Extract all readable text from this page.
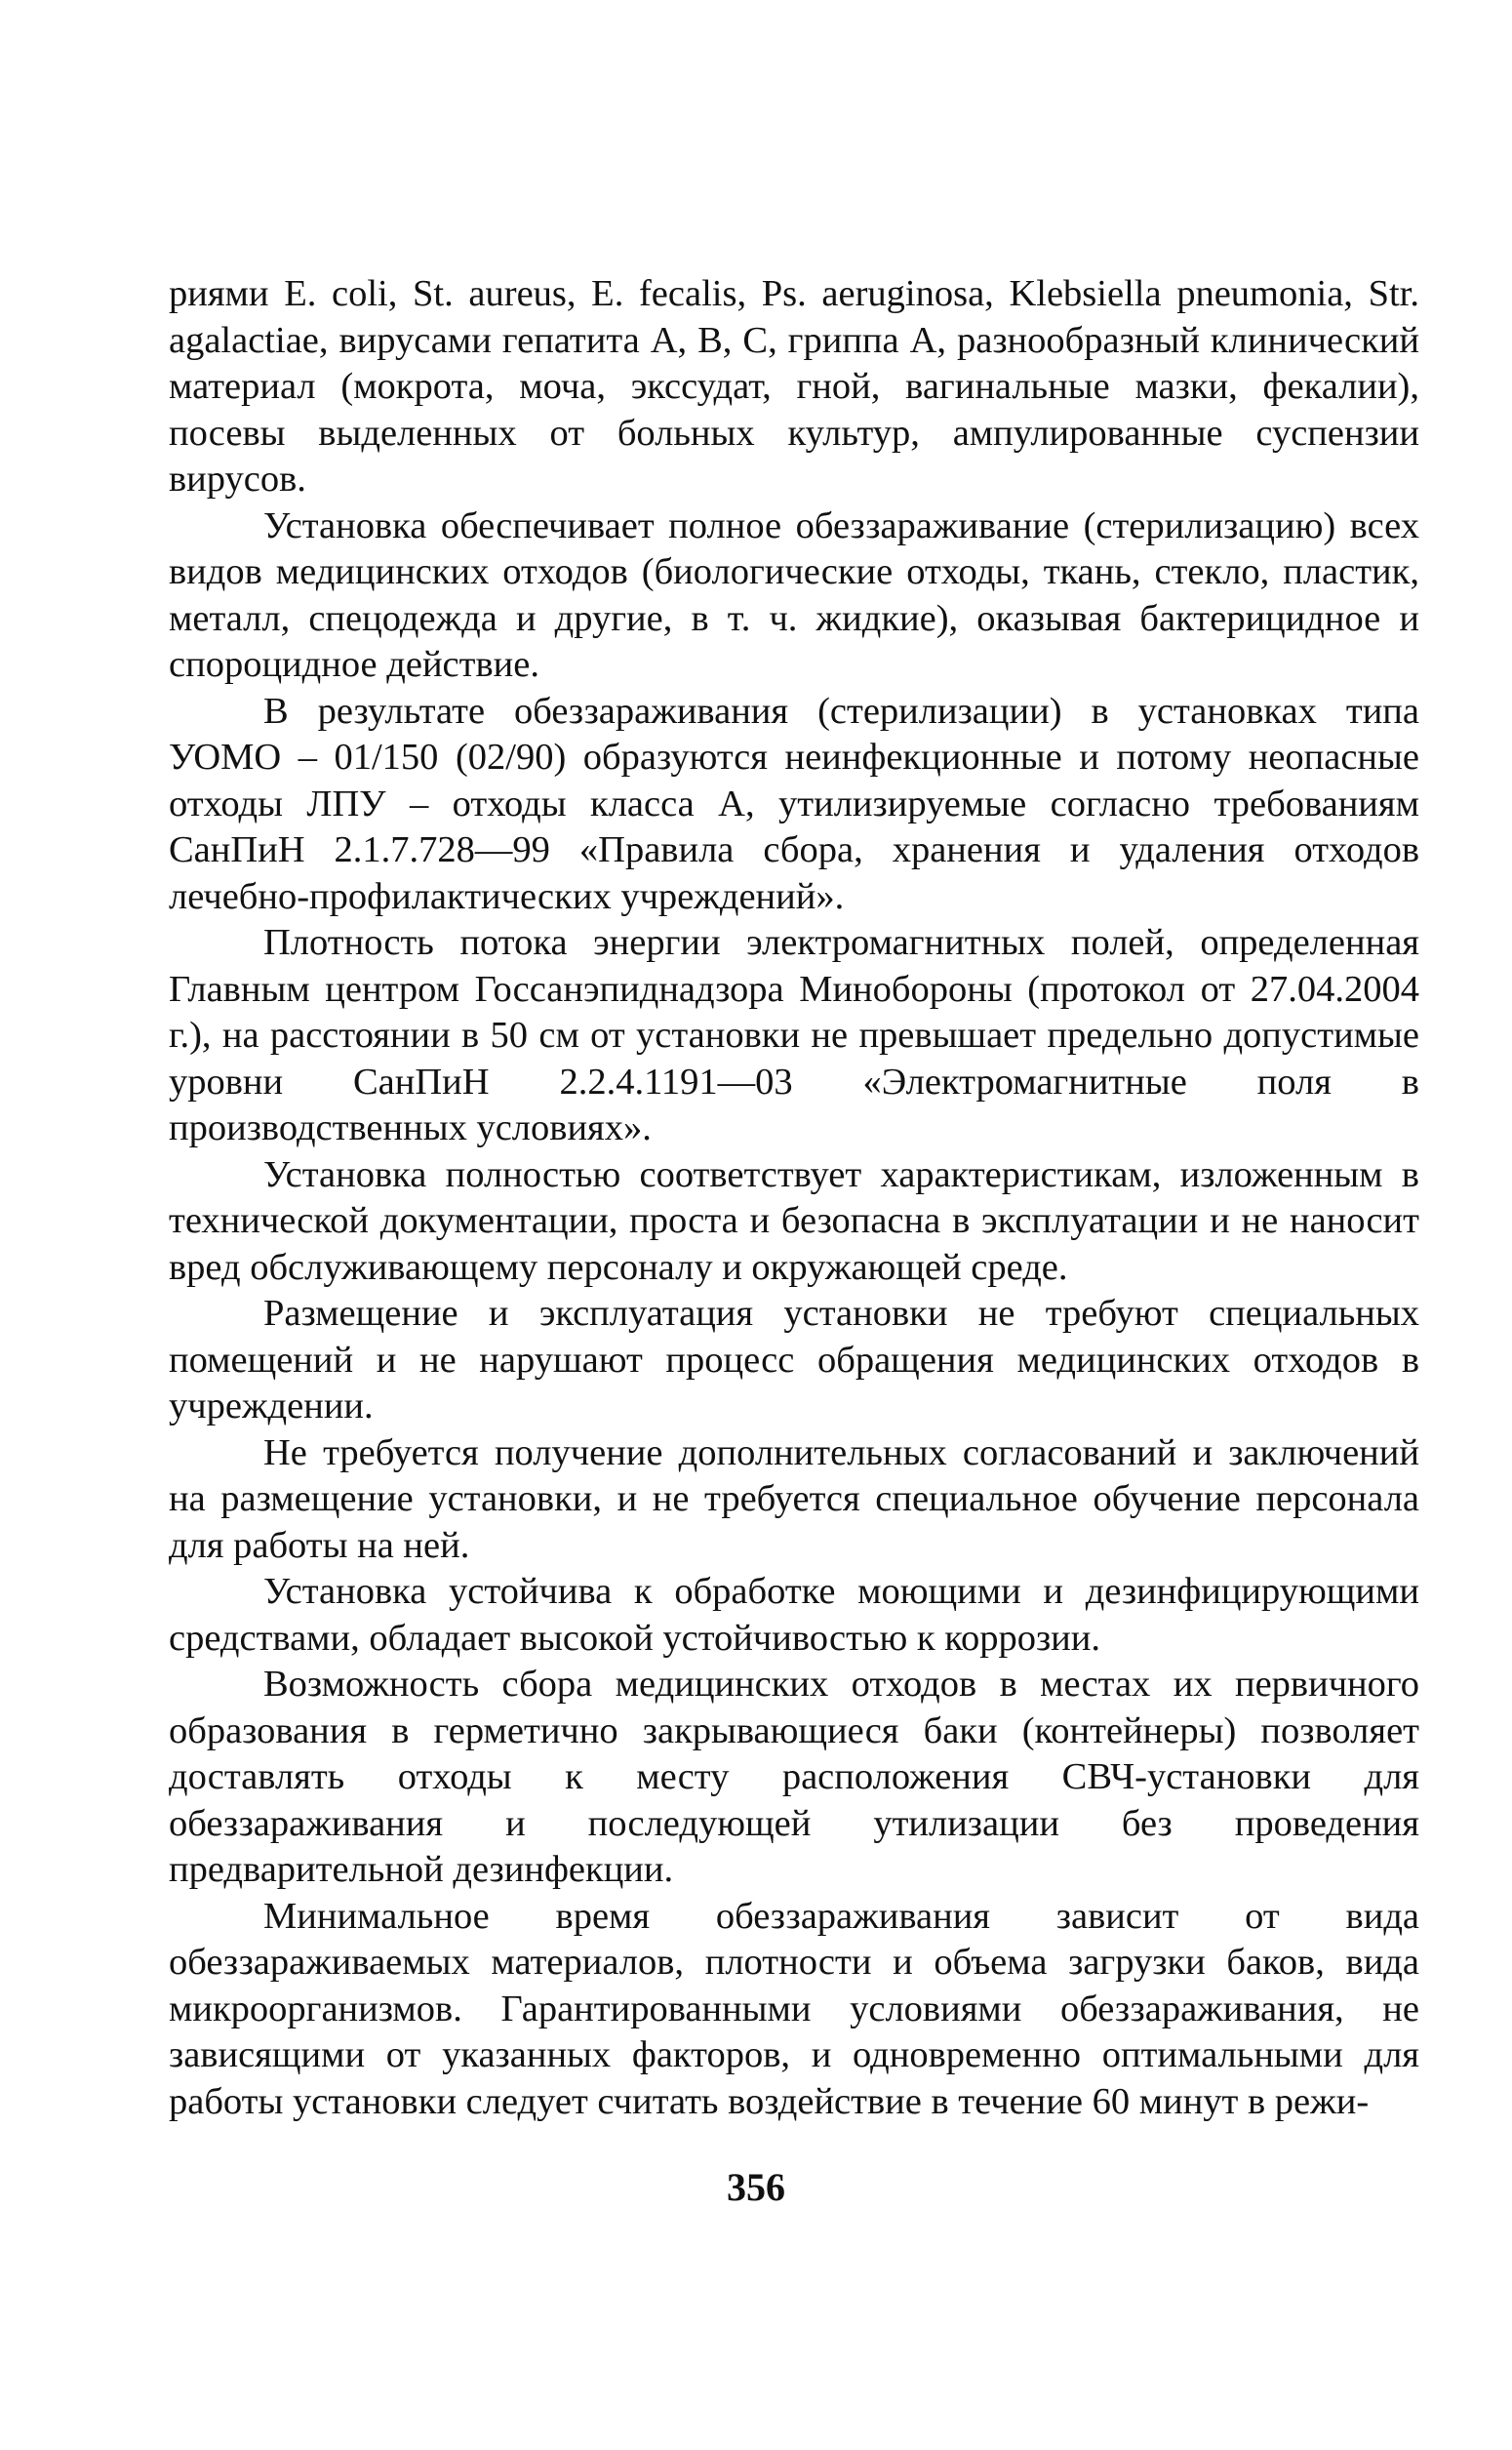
риями E. coli, St. aureus, E. fecalis, Ps. aeruginosa, Klebsiella pneumonia, Str. agalactiae, вирусами гепатита А, В, С, гриппа А, разнообразный клинический материал (мокрота, моча, экссудат, гной, вагинальные мазки, фекалии), посевы выделенных от больных культур, ампулированные суспензии вирусов.

Установка обеспечивает полное обеззараживание (стерилизацию) всех видов медицинских отходов (биологические отходы, ткань, стекло, пластик, металл, спецодежда и другие, в т. ч. жидкие), оказывая бактерицидное и спороцидное действие.

В результате обеззараживания (стерилизации) в установках типа УОМО – 01/150 (02/90) образуются неинфекционные и потому неопасные отходы ЛПУ – отходы класса А, утилизируемые согласно требованиям СанПиН 2.1.7.728—99 «Правила сбора, хранения и удаления отходов лечебно-профилактических учреждений».

Плотность потока энергии электромагнитных полей, определенная Главным центром Госсанэпиднадзора Минобороны (протокол от 27.04.2004 г.), на расстоянии в 50 см от установки не превышает предельно допустимые уровни СанПиН 2.2.4.1191—03 «Электромагнитные поля в производственных условиях».

Установка полностью соответствует характеристикам, изложенным в технической документации, проста и безопасна в эксплуатации и не наносит вред обслуживающему персоналу и окружающей среде.

Размещение и эксплуатация установки не требуют специальных помещений и не нарушают процесс обращения медицинских отходов в учреждении.

Не требуется получение дополнительных согласований и заключений на размещение установки, и не требуется специальное обучение персонала для работы на ней.

Установка устойчива к обработке моющими и дезинфицирующими средствами, обладает высокой устойчивостью к коррозии.

Возможность сбора медицинских отходов в местах их первичного образования в герметично закрывающиеся баки (контейнеры) позволяет доставлять отходы к месту расположения СВЧ-установки для обеззараживания и последующей утилизации без проведения предварительной дезинфекции.

Минимальное время обеззараживания зависит от вида обеззараживаемых материалов, плотности и объема загрузки баков, вида микроорганизмов. Гарантированными условиями обеззараживания, не зависящими от указанных факторов, и одновременно оптимальными для работы установки следует считать воздействие в течение 60 минут в режи-

356
